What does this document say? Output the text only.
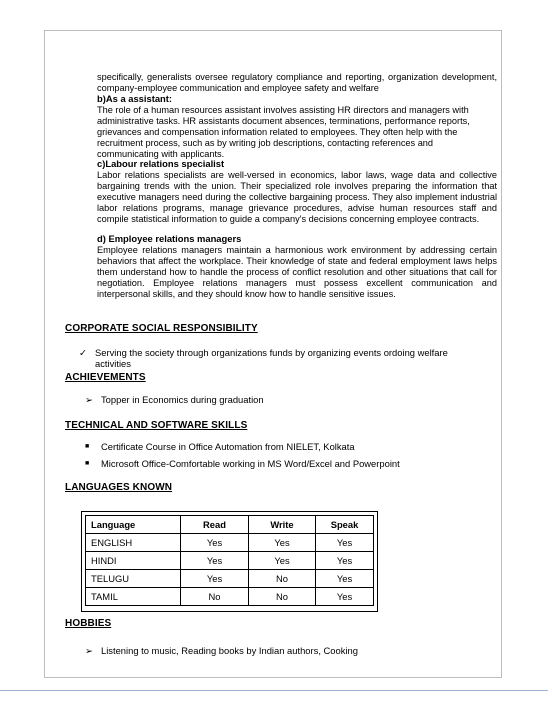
specifically, generalists oversee regulatory compliance and reporting, organization development, company-employee communication and employee safety and welfare

b)As a assistant:

The role of a human resources assistant involves assisting HR directors and managers with administrative tasks. HR assistants document absences, terminations, performance reports, grievances and compensation information related to employees. They often help with the recruitment process, such as by writing job descriptions, contacting references and communicating with applicants.

c)Labour relations specialist

Labor relations specialists are well-versed in economics, labor laws, wage data and collective bargaining trends with the union. Their specialized role involves preparing the information that executive managers need during the collective bargaining process. They also implement industrial labor relations programs, manage grievance procedures, advise human resources staff and compile statistical information to guide a company's decisions concerning employee contracts.

d) Employee relations managers

Employee relations managers maintain a harmonious work environment by addressing certain behaviors that affect the workplace. Their knowledge of state and federal employment laws helps them understand how to handle the process of conflict resolution and other situations that call for negotiation. Employee relations managers must possess excellent communication and interpersonal skills, and they should know how to handle sensitive issues.

CORPORATE SOCIAL RESPONSIBILITY
✓ Serving the society through organizations funds by organizing events ordoing welfare activities
ACHIEVEMENTS
➢ Topper in Economics during graduation
TECHNICAL AND SOFTWARE SKILLS
■	Certificate Course in Office Automation from NIELET, Kolkata
■	Microsoft Office-Comfortable working in MS Word/Excel and Powerpoint
LANGUAGES KNOWN
Language	Read	Write	Speak
ENGLISH	Yes	Yes	Yes
HINDI	Yes	Yes	Yes
TELUGU	Yes	No	Yes
TAMIL	No	No	Yes
HOBBIES
➢ Listening to music, Reading books by Indian authors, Cooking
